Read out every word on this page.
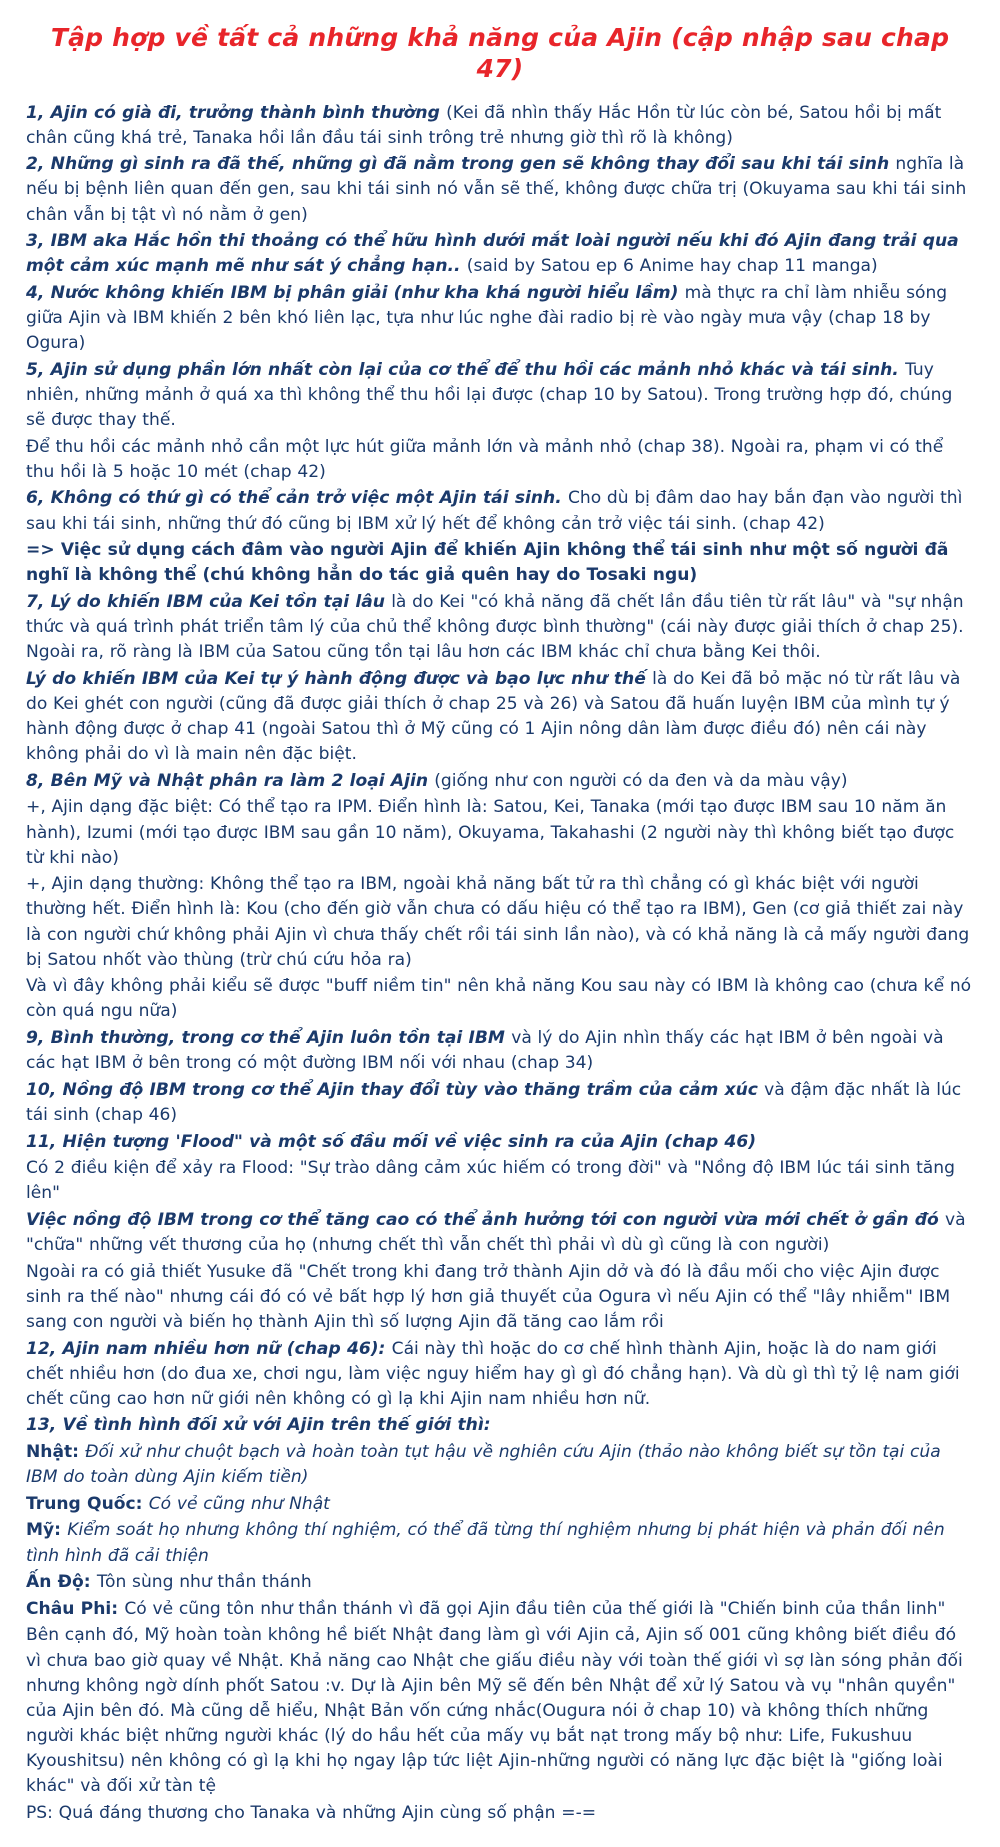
Tập hợp về tất cả những khả năng của Ajin (cập nhập sau chap 47)
1, Ajin có già đi, trưởng thành bình thường (Kei đã nhìn thấy Hắc Hồn từ lúc còn bé, Satou hồi bị mất chân cũng khá trẻ, Tanaka hồi lần đầu tái sinh trông trẻ nhưng giờ thì rõ là không)
2, Những gì sinh ra đã thế, những gì đã nằm trong gen sẽ không thay đổi sau khi tái sinh nghĩa là nếu bị bệnh liên quan đến gen, sau khi tái sinh nó vẫn sẽ thế, không được chữa trị (Okuyama sau khi tái sinh chân vẫn bị tật vì nó nằm ở gen)
3, IBM aka Hắc hồn thi thoảng có thể hữu hình dưới mắt loài người nếu khi đó Ajin đang trải qua một cảm xúc mạnh mẽ như sát ý chẳng hạn.. (said by Satou ep 6 Anime hay chap 11 manga)
4, Nước không khiến IBM bị phân giải (như kha khá người hiểu lầm) mà thực ra chỉ làm nhiễu sóng giữa Ajin và IBM khiến 2 bên khó liên lạc, tựa như lúc nghe đài radio bị rè vào ngày mưa vậy (chap 18 by Ogura)
5, Ajin sử dụng phần lớn nhất còn lại của cơ thể để thu hồi các mảnh nhỏ khác và tái sinh. Tuy nhiên, những mảnh ở quá xa thì không thể thu hồi lại được (chap 10 by Satou). Trong trường hợp đó, chúng sẽ được thay thế.
Để thu hồi các mảnh nhỏ cần một lực hút giữa mảnh lớn và mảnh nhỏ (chap 38). Ngoài ra, phạm vi có thể thu hồi là 5 hoặc 10 mét (chap 42)
6, Không có thứ gì có thể cản trở việc một Ajin tái sinh. Cho dù bị đâm dao hay bắn đạn vào người thì sau khi tái sinh, những thứ đó cũng bị IBM xử lý hết để không cản trở việc tái sinh. (chap 42)
=> Việc sử dụng cách đâm vào người Ajin để khiến Ajin không thể tái sinh như một số người đã nghĩ là không thể (chú không hẳn do tác giả quên hay do Tosaki ngu)
7, Lý do khiến IBM của Kei tồn tại lâu là do Kei "có khả năng đã chết lần đầu tiên từ rất lâu" và "sự nhận thức và quá trình phát triển tâm lý của chủ thể không được bình thường" (cái này được giải thích ở chap 25). Ngoài ra, rõ ràng là IBM của Satou cũng tồn tại lâu hơn các IBM khác chỉ chưa bằng Kei thôi.
Lý do khiến IBM của Kei tự ý hành động được và bạo lực như thế là do Kei đã bỏ mặc nó từ rất lâu và do Kei ghét con người (cũng đã được giải thích ở chap 25 và 26) và Satou đã huấn luyện IBM của mình tự ý hành động được ở chap 41 (ngoài Satou thì ở Mỹ cũng có 1 Ajin nông dân làm được điều đó) nên cái này không phải do vì là main nên đặc biệt.
8, Bên Mỹ và Nhật phân ra làm 2 loại Ajin (giống như con người có da đen và da màu vậy)
+, Ajin dạng đặc biệt: Có thể tạo ra IPM. Điển hình là: Satou, Kei, Tanaka (mới tạo được IBM sau 10 năm ăn hành), Izumi (mới tạo được IBM sau gần 10 năm), Okuyama, Takahashi (2 người này thì không biết tạo được từ khi nào)
+, Ajin dạng thường: Không thể tạo ra IBM, ngoài khả năng bất tử ra thì chẳng có gì khác biệt với người thường hết. Điển hình là: Kou (cho đến giờ vẫn chưa có dấu hiệu có thể tạo ra IBM), Gen (cơ giả thiết zai này là con người chứ không phải Ajin vì chưa thấy chết rồi tái sinh lần nào), và có khả năng là cả mấy người đang bị Satou nhốt vào thùng (trừ chú cứu hỏa ra)
Và vì đây không phải kiểu sẽ được "buff niềm tin" nên khả năng Kou sau này có IBM là không cao (chưa kể nó còn quá ngu nữa)
9, Bình thường, trong cơ thể Ajin luôn tồn tại IBM và lý do Ajin nhìn thấy các hạt IBM ở bên ngoài và các hạt IBM ở bên trong có một đường IBM nối với nhau (chap 34)
10, Nồng độ IBM trong cơ thể Ajin thay đổi tùy vào thăng trầm của cảm xúc và đậm đặc nhất là lúc tái sinh (chap 46)
11, Hiện tượng 'Flood" và một số đầu mối về việc sinh ra của Ajin (chap 46)
Có 2 điều kiện để xảy ra Flood: "Sự trào dâng cảm xúc hiếm có trong đời" và "Nồng độ IBM lúc tái sinh tăng lên"
Việc nồng độ IBM trong cơ thể tăng cao có thể ảnh hưởng tới con người vừa mới chết ở gần đó và "chữa" những vết thương của họ (nhưng chết thì vẫn chết thì phải vì dù gì cũng là con người)
Ngoài ra có giả thiết Yusuke đã "Chết trong khi đang trở thành Ajin dở và đó là đầu mối cho việc Ajin được sinh ra thế nào" nhưng cái đó có vẻ bất hợp lý hơn giả thuyết của Ogura vì nếu Ajin có thể "lây nhiễm" IBM sang con người và biến họ thành Ajin thì số lượng Ajin đã tăng cao lắm rồi
12, Ajin nam nhiều hơn nữ (chap 46): Cái này thì hoặc do cơ chế hình thành Ajin, hoặc là do nam giới chết nhiều hơn (do đua xe, chơi ngu, làm việc nguy hiểm hay gì gì đó chẳng hạn). Và dù gì thì tỷ lệ nam giới chết cũng cao hơn nữ giới nên không có gì lạ khi Ajin nam nhiều hơn nữ.
13, Về tình hình đối xử với Ajin trên thế giới thì:
Nhật: Đối xử như chuột bạch và hoàn toàn tụt hậu về nghiên cứu Ajin (thảo nào không biết sự tồn tại của IBM do toàn dùng Ajin kiếm tiền)
Trung Quốc: Có vẻ cũng như Nhật
Mỹ: Kiểm soát họ nhưng không thí nghiệm, có thể đã từng thí nghiệm nhưng bị phát hiện và phản đối nên tình hình đã cải thiện
Ấn Độ: Tôn sùng như thần thánh
Châu Phi: Có vẻ cũng tôn như thần thánh vì đã gọi Ajin đầu tiên của thế giới là "Chiến binh của thần linh"
Bên cạnh đó, Mỹ hoàn toàn không hề biết Nhật đang làm gì với Ajin cả, Ajin số 001 cũng không biết điều đó vì chưa bao giờ quay về Nhật. Khả năng cao Nhật che giấu điều này với toàn thế giới vì sợ làn sóng phản đối nhưng không ngờ dính phốt Satou :v. Dự là Ajin bên Mỹ sẽ đến bên Nhật để xử lý Satou và vụ "nhân quyền" của Ajin bên đó. Mà cũng dễ hiểu, Nhật Bản vốn cứng nhắc(Ougura nói ở chap 10) và không thích những người khác biệt những người khác (lý do hầu hết của mấy vụ bắt nạt trong mấy bộ như: Life, Fukushuu Kyoushitsu) nên không có gì lạ khi họ ngay lập tức liệt Ajin-những người có năng lực đặc biệt là "giống loài khác" và đối xử tàn tệ
PS: Quá đáng thương cho Tanaka và những Ajin cùng số phận =-=
